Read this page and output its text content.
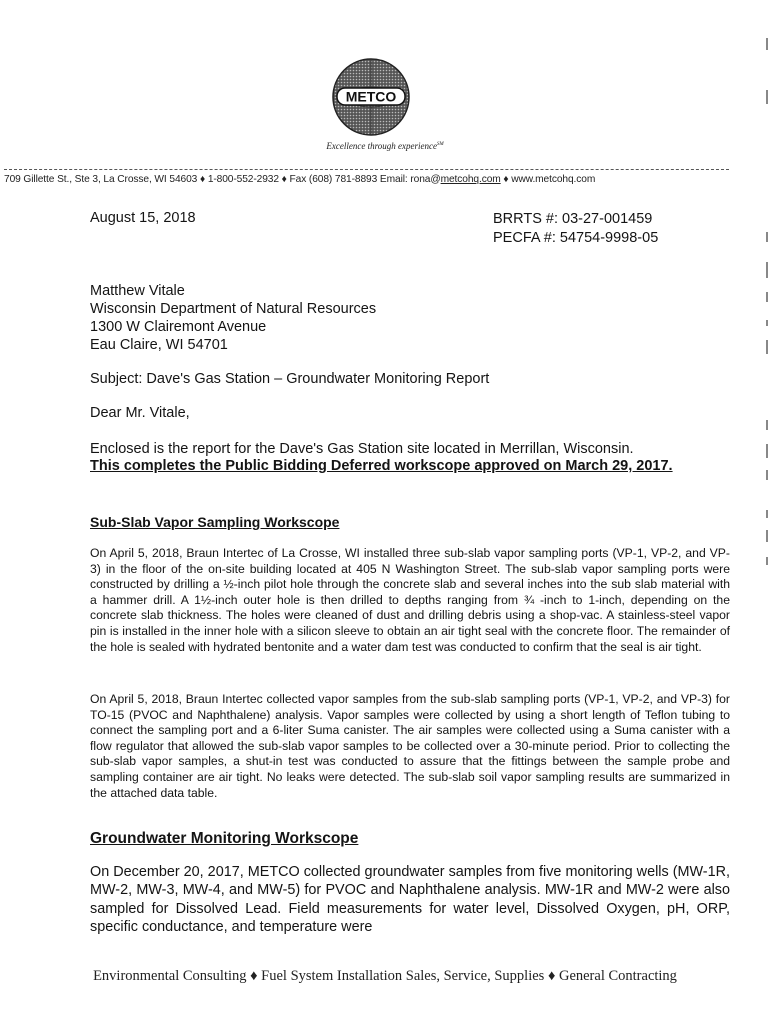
METCO
Excellence through experience℠
709 Gillette St., Ste 3, La Crosse, WI 54603 ♦ 1-800-552-2932 ♦ Fax (608) 781-8893 Email: rona@metcohq.com ♦ www.metcohq.com
August 15, 2018	BRRTS #: 03-27-001459
PECFA #: 54754-9998-05
Matthew Vitale
Wisconsin Department of Natural Resources
1300 W Clairemont Avenue
Eau Claire, WI 54701
Subject: Dave's Gas Station – Groundwater Monitoring Report
Dear Mr. Vitale,
Enclosed is the report for the Dave's Gas Station site located in Merrillan, Wisconsin.
This completes the Public Bidding Deferred workscope approved on March 29, 2017.
Sub-Slab Vapor Sampling Workscope
On April 5, 2018, Braun Intertec of La Crosse, WI installed three sub-slab vapor sampling ports (VP-1, VP-2, and VP-3) in the floor of the on-site building located at 405 N Washington Street. The sub-slab vapor sampling ports were constructed by drilling a ½-inch pilot hole through the concrete slab and several inches into the sub slab material with a hammer drill. A 1½-inch outer hole is then drilled to depths ranging from ¾ -inch to 1-inch, depending on the concrete slab thickness. The holes were cleaned of dust and drilling debris using a shop-vac. A stainless-steel vapor pin is installed in the inner hole with a silicon sleeve to obtain an air tight seal with the concrete floor. The remainder of the hole is sealed with hydrated bentonite and a water dam test was conducted to confirm that the seal is air tight.
On April 5, 2018, Braun Intertec collected vapor samples from the sub-slab sampling ports (VP-1, VP-2, and VP-3) for TO-15 (PVOC and Naphthalene) analysis. Vapor samples were collected by using a short length of Teflon tubing to connect the sampling port and a 6-liter Suma canister. The air samples were collected using a Suma canister with a flow regulator that allowed the sub-slab vapor samples to be collected over a 30-minute period. Prior to collecting the sub-slab vapor samples, a shut-in test was conducted to assure that the fittings between the sample probe and sampling container are air tight. No leaks were detected. The sub-slab soil vapor sampling results are summarized in the attached data table.
Groundwater Monitoring Workscope
On December 20, 2017, METCO collected groundwater samples from five monitoring wells (MW-1R, MW-2, MW-3, MW-4, and MW-5) for PVOC and Naphthalene analysis. MW-1R and MW-2 were also sampled for Dissolved Lead. Field measurements for water level, Dissolved Oxygen, pH, ORP, specific conductance, and temperature were
Environmental Consulting ♦ Fuel System Installation Sales, Service, Supplies ♦ General Contracting
